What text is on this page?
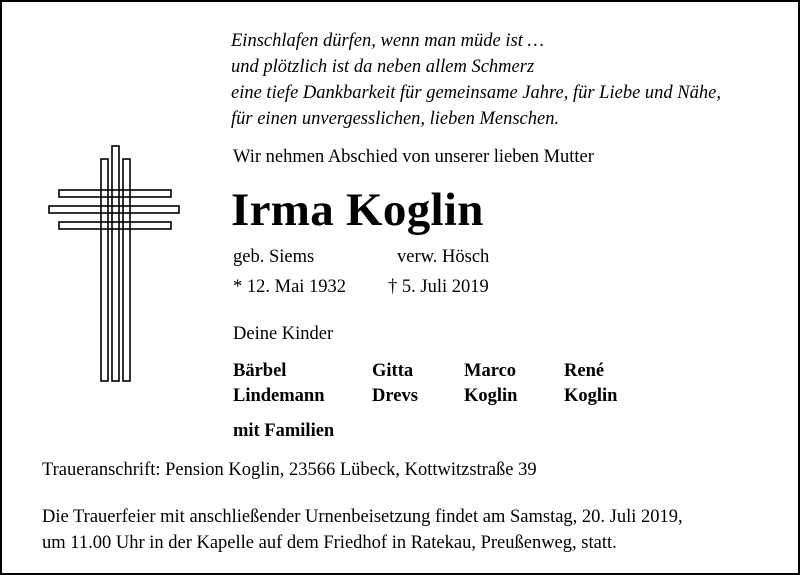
Einschlafen dürfen, wenn man müde ist …
und plötzlich ist da neben allem Schmerz
eine tiefe Dankbarkeit für gemeinsame Jahre, für Liebe und Nähe,
für einen unvergesslichen, lieben Menschen.
Wir nehmen Abschied von unserer lieben Mutter
Irma Koglin
geb. Siems	verw. Hösch
* 12. Mai 1932 † 5. Juli 2019
Deine Kinder
Bärbel
Lindemann
Gitta
Drevs
Marco
Koglin
René
Koglin
mit Familien
Traueranschrift: Pension Koglin, 23566 Lübeck, Kottwitzstraße 39
Die Trauerfeier mit anschließender Urnenbeisetzung findet am Samstag, 20. Juli 2019,
um 11.00 Uhr in der Kapelle auf dem Friedhof in Ratekau, Preußenweg, statt.
